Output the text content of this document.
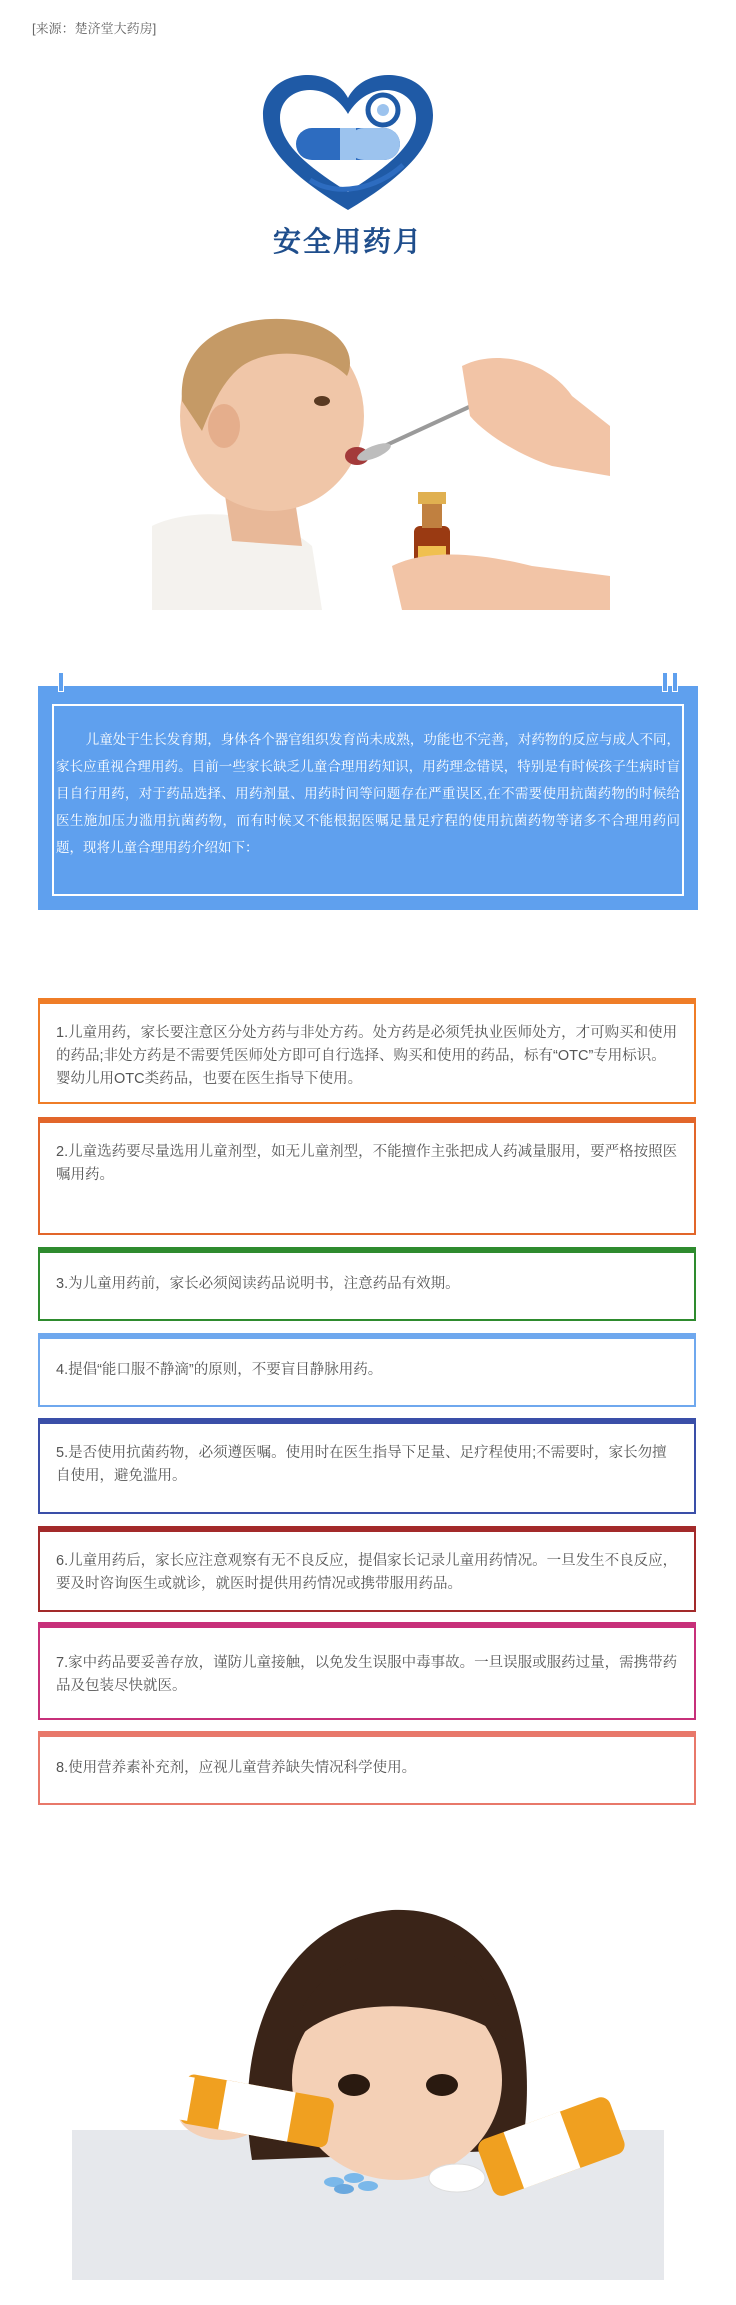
[来源：楚济堂大药房]
安全用药月
儿童处于生长发育期，身体各个器官组织发育尚未成熟，功能也不完善，对药物的反应与成人不同，家长应重视合理用药。目前一些家长缺乏儿童合理用药知识，用药理念错误，特别是有时候孩子生病时盲目自行用药，对于药品选择、用药剂量、用药时间等问题存在严重误区,在不需要使用抗菌药物的时候给医生施加压力滥用抗菌药物，而有时候又不能根据医嘱足量足疗程的使用抗菌药物等诸多不合理用药问题，现将儿童合理用药介绍如下：

1.儿童用药，家长要注意区分处方药与非处方药。处方药是必须凭执业医师处方，才可购买和使用的药品;非处方药是不需要凭医师处方即可自行选择、购买和使用的药品，标有“OTC”专用标识。婴幼儿用OTC类药品，也要在医生指导下使用。

2.儿童选药要尽量选用儿童剂型，如无儿童剂型，不能擅作主张把成人药减量服用，要严格按照医嘱用药。

3.为儿童用药前，家长必须阅读药品说明书，注意药品有效期。

4.提倡“能口服不静滴”的原则，不要盲目静脉用药。

5.是否使用抗菌药物，必须遵医嘱。使用时在医生指导下足量、足疗程使用;不需要时，家长勿擅自使用，避免滥用。

6.儿童用药后，家长应注意观察有无不良反应，提倡家长记录儿童用药情况。一旦发生不良反应，要及时咨询医生或就诊，就医时提供用药情况或携带服用药品。

7.家中药品要妥善存放，谨防儿童接触，以免发生误服中毒事故。一旦误服或服药过量，需携带药品及包装尽快就医。

8.使用营养素补充剂，应视儿童营养缺失情况科学使用。
